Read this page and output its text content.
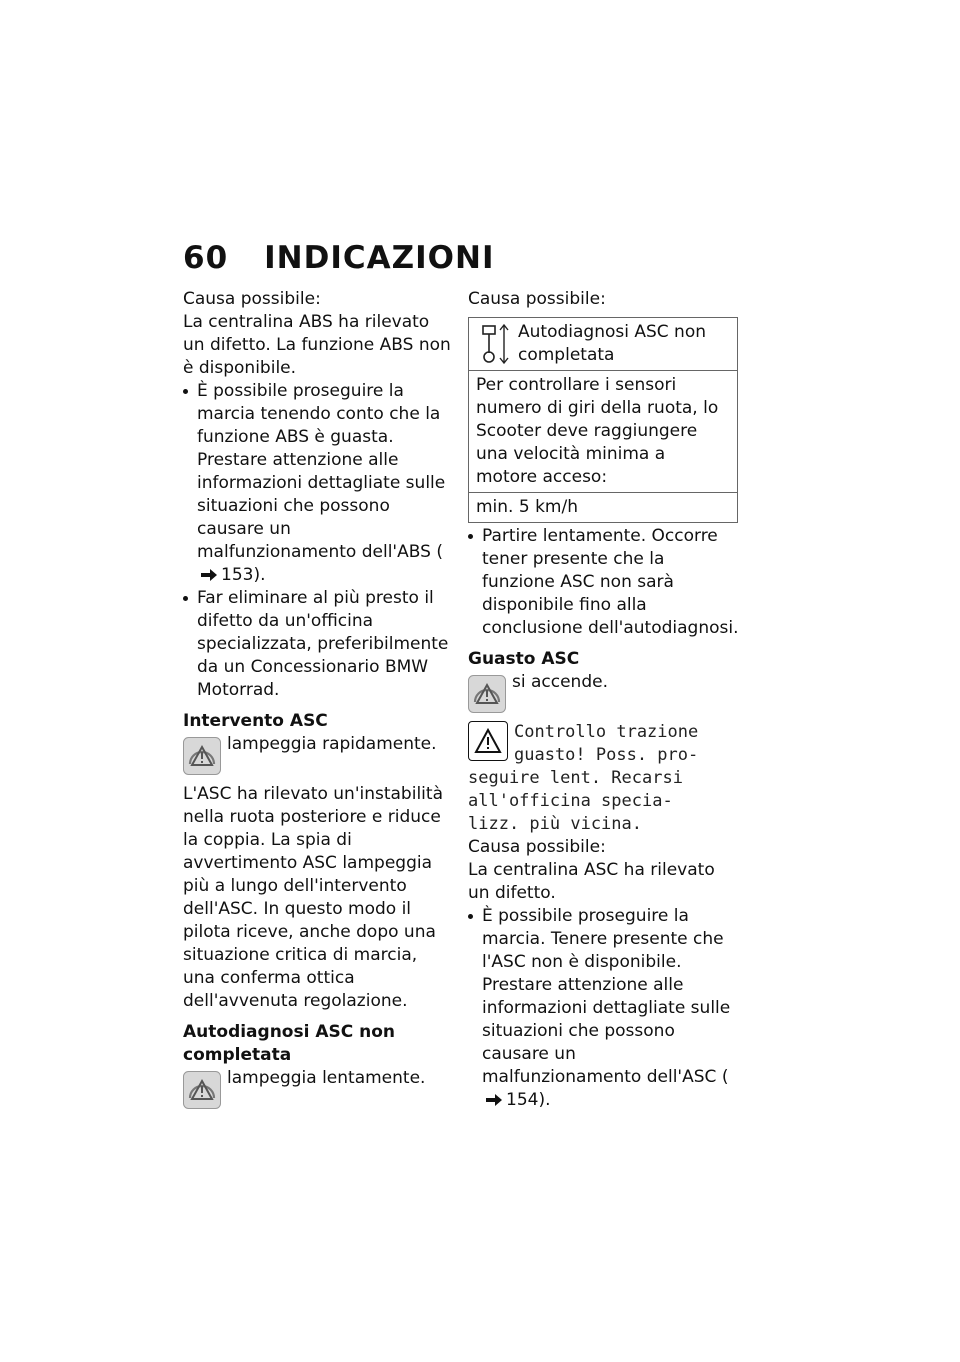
60 INDICAZIONI

Causa possibile:

La centralina ABS ha rilevato un difetto. La funzione ABS non è disponibile.

È possibile proseguire la marcia tenendo conto che la funzione ABS è guasta. Prestare attenzione alle informazioni dettagliate sulle situazioni che possono causare un malfunzionamento dell'ABS (153).

Far eliminare al più presto il difetto da un'officina specializzata, preferibilmente da un Concessionario BMW Motorrad.

Intervento ASC

lampeggia rapidamente.

L'ASC ha rilevato un'instabilità nella ruota posteriore e riduce la coppia. La spia di avvertimento ASC lampeggia più a lungo dell'intervento dell'ASC. In questo modo il pilota riceve, anche dopo una situazione critica di marcia, una conferma ottica dell'avvenuta regolazione.

Autodiagnosi ASC non completata

lampeggia lentamente.

Causa possibile:

Autodiagnosi ASC non completata

Per controllare i sensori numero di giri della ruota, lo Scooter deve raggiungere una velocità minima a motore acceso:
min. 5 km/h

Partire lentamente. Occorre tener presente che la funzione ASC non sarà disponibile fino alla conclusione dell'autodiagnosi.

Guasto ASC

si accende.
Controllo trazione
guasto! Poss. pro-
seguire lent. Recarsi
all'officina specia-
lizz. più vicina.

Causa possibile:

La centralina ASC ha rilevato un difetto.

È possibile proseguire la marcia. Tenere presente che l'ASC non è disponibile. Prestare attenzione alle informazioni dettagliate sulle situazioni che possono causare un malfunzionamento dell'ASC (154).
